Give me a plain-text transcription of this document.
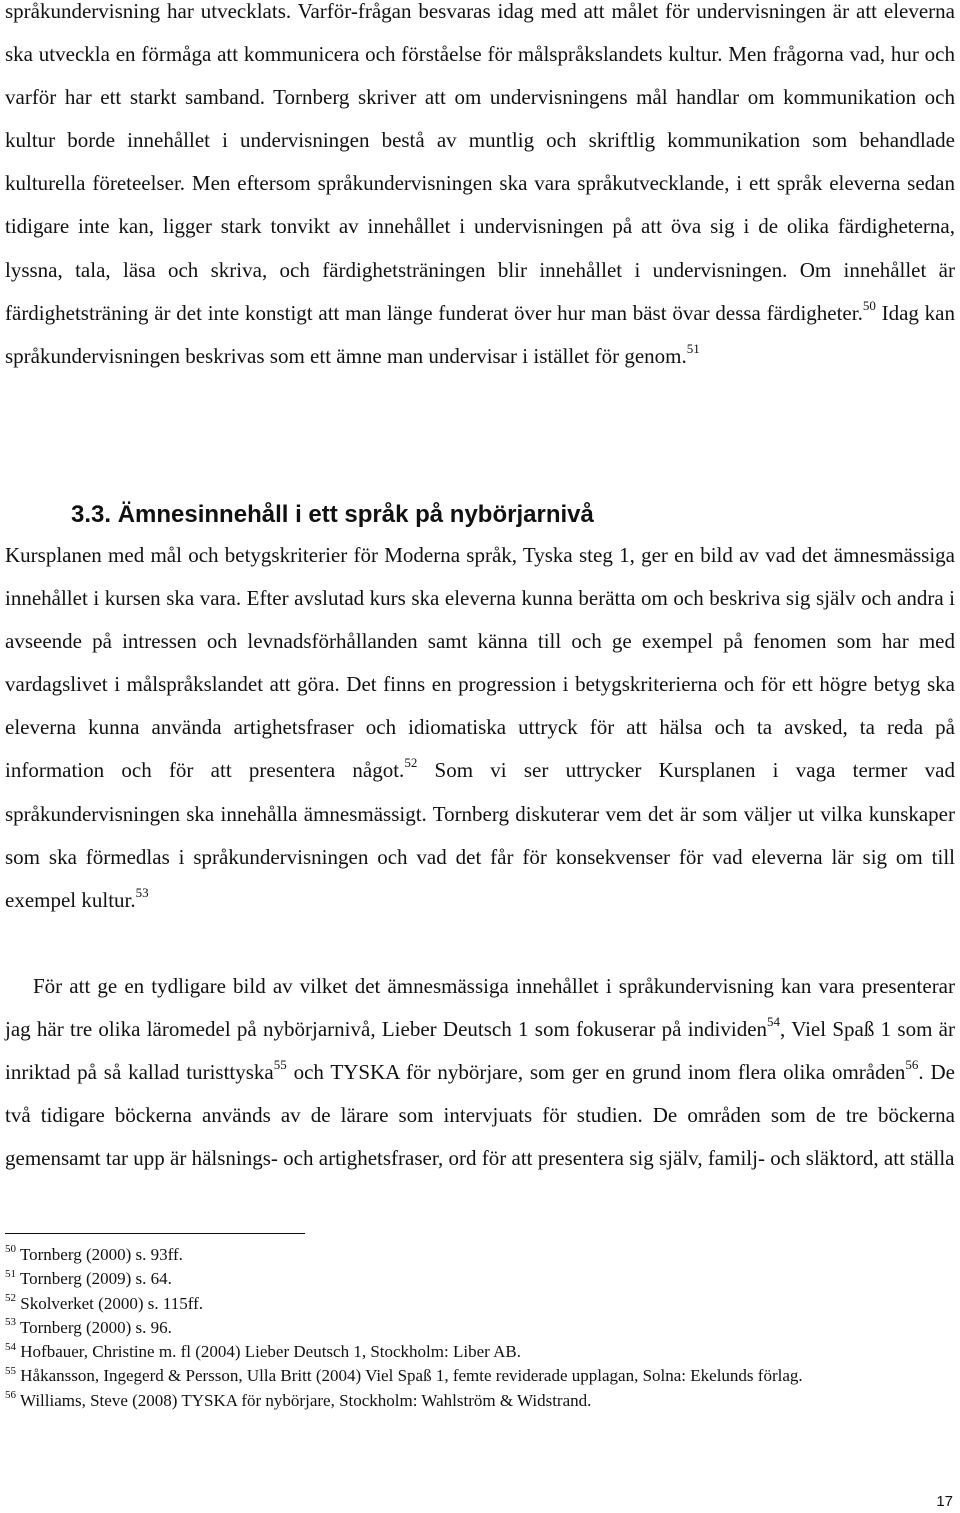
språkundervisning har utvecklats. Varför-frågan besvaras idag med att målet för undervisningen är att eleverna ska utveckla en förmåga att kommunicera och förståelse för målspråkslandets kultur. Men frågorna vad, hur och varför har ett starkt samband. Tornberg skriver att om undervisningens mål handlar om kommunikation och kultur borde innehållet i undervisningen bestå av muntlig och skriftlig kommunikation som behandlade kulturella företeelser. Men eftersom språkundervisningen ska vara språkutvecklande, i ett språk eleverna sedan tidigare inte kan, ligger stark tonvikt av innehållet i undervisningen på att öva sig i de olika färdigheterna, lyssna, tala, läsa och skriva, och färdighetsträningen blir innehållet i undervisningen. Om innehållet är färdighetsträning är det inte konstigt att man länge funderat över hur man bäst övar dessa färdigheter.$^{50}$ Idag kan språkundervisningen beskrivas som ett ämne man undervisar i istället för genom.$^{51}$

3.3. Ämnesinnehåll i ett språk på nybörjarnivå

Kursplanen med mål och betygskriterier för Moderna språk, Tyska steg 1, ger en bild av vad det ämnesmässiga innehållet i kursen ska vara. Efter avslutad kurs ska eleverna kunna berätta om och beskriva sig själv och andra i avseende på intressen och levnadsförhållanden samt känna till och ge exempel på fenomen som har med vardagslivet i målspråkslandet att göra. Det finns en progression i betygskriterierna och för ett högre betyg ska eleverna kunna använda artighetsfraser och idiomatiska uttryck för att hälsa och ta avsked, ta reda på information och för att presentera något.$^{52}$ Som vi ser uttrycker Kursplanen i vaga termer vad språkundervisningen ska innehålla ämnesmässigt. Tornberg diskuterar vem det är som väljer ut vilka kunskaper som ska förmedlas i språkundervisningen och vad det får för konsekvenser för vad eleverna lär sig om till exempel kultur.$^{53}$

För att ge en tydligare bild av vilket det ämnesmässiga innehållet i språkundervisning kan vara presenterar jag här tre olika läromedel på nybörjarnivå, Lieber Deutsch 1 som fokuserar på individen$^{54}$, Viel Spaß 1 som är inriktad på så kallad turisttyska$^{55}$ och TYSKA för nybörjare, som ger en grund inom flera olika områden$^{56}$. De två tidigare böckerna används av de lärare som intervjuats för studien. De områden som de tre böckerna gemensamt tar upp är hälsnings- och artighetsfraser, ord för att presentera sig själv, familj- och släktord, att ställa

$^{50}$ Tornberg (2000) s. 93ff.
$^{51}$ Tornberg (2009) s. 64.
$^{52}$ Skolverket (2000) s. 115ff.
$^{53}$ Tornberg (2000) s. 96.
$^{54}$ Hofbauer, Christine m. fl (2004) Lieber Deutsch 1, Stockholm: Liber AB.
$^{55}$ Håkansson, Ingegerd & Persson, Ulla Britt (2004) Viel Spaß 1, femte reviderade upplagan, Solna: Ekelunds förlag.
$^{56}$ Williams, Steve (2008) TYSKA för nybörjare, Stockholm: Wahlström & Widstrand.
17
